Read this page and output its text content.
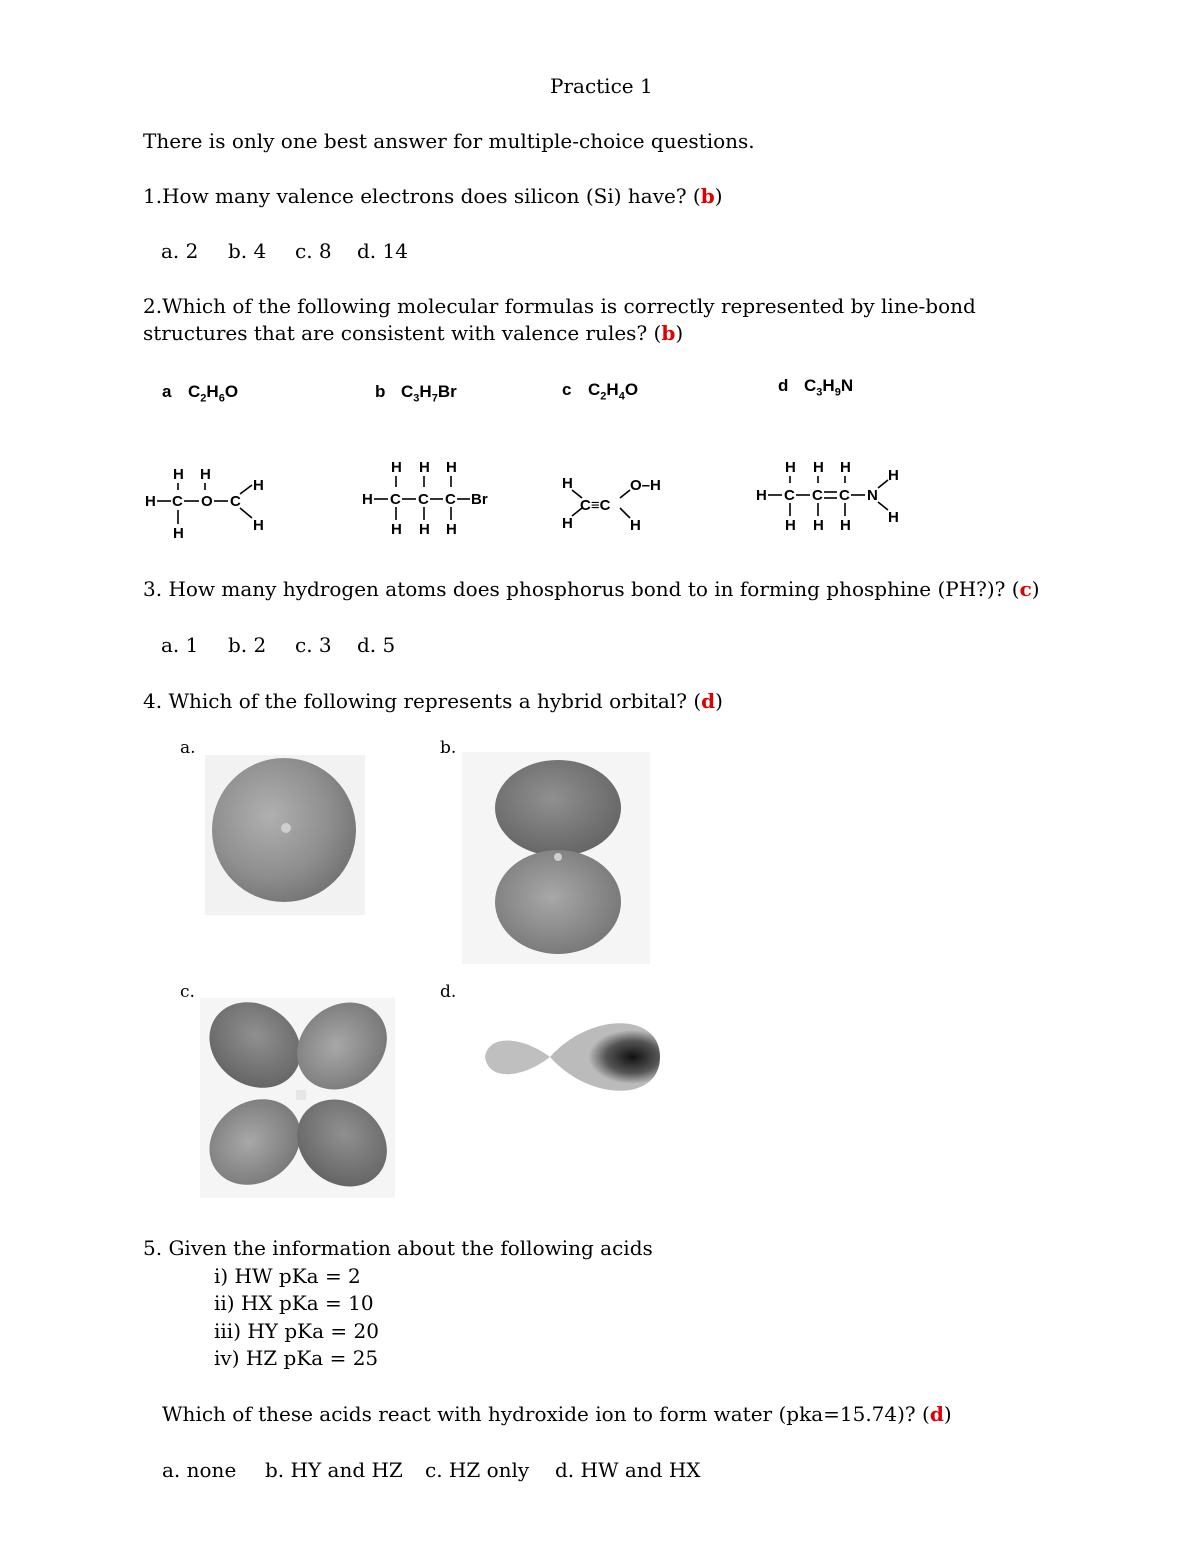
Practice 1
There is only one best answer for multiple-choice questions.
1.How many valence electrons does silicon (Si) have? (b)
a. 2 b. 4 c. 8 d. 14
2.Which of the following molecular formulas is correctly represented by line-bond
structures that are consistent with valence rules? (b)
a $C_2H_6O$	b $C_3H_7Br$	c $C_2H_4O$	d $C_3H_9N$
H H
H C O C
H
H
H
H H H
H C C C Br
H H H
H
C≡C
O–H
H	H
H H H
H C C C N
H
H
H H H
3. How many hydrogen atoms does phosphorus bond to in forming phosphine (PH?)? (c)
a. 1 b. 2 c. 3 d. 5
4. Which of the following represents a hybrid orbital? (d)
a.	b.
c.	d.
5. Given the information about the following acids
i) HW pKa = 2
ii) HX pKa = 10
iii) HY pKa = 20
iv) HZ pKa = 25
Which of these acids react with hydroxide ion to form water (pka=15.74)? (d)
a. none b. HY and HZ c. HZ only d. HW and HX
